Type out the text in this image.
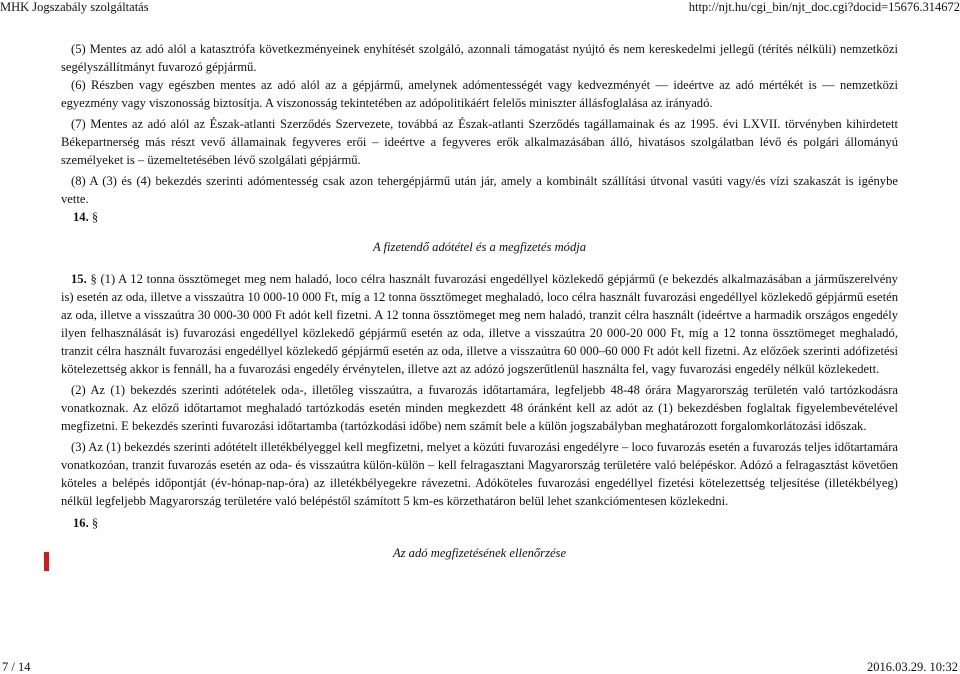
MHK Jogszabály szolgáltatás	http://njt.hu/cgi_bin/njt_doc.cgi?docid=15676.314672

(5) Mentes az adó alól a katasztrófa következményeinek enyhítését szolgáló, azonnali támogatást nyújtó és nem kereskedelmi jellegű (térítés nélküli) nemzetközi segélyszállítmányt fuvarozó gépjármű.

(6) Részben vagy egészben mentes az adó alól az a gépjármű, amelynek adómentességét vagy kedvezményét –– ideértve az adó mértékét is –– nemzetközi egyezmény vagy viszonosság biztosítja. A viszonosság tekintetében az adópolitikáért felelős miniszter állásfoglalása az irányadó.

(7) Mentes az adó alól az Észak-atlanti Szerződés Szervezete, továbbá az Észak-atlanti Szerződés tagállamainak és az 1995. évi LXVII. törvényben kihirdetett Békepartnerség más részt vevő államainak fegyveres erői – ideértve a fegyveres erők alkalmazásában álló, hivatásos szolgálatban lévő és polgári állományú személyeket is – üzemeltetésében lévő szolgálati gépjármű.

(8) A (3) és (4) bekezdés szerinti adómentesség csak azon tehergépjármű után jár, amely a kombinált szállítási útvonal vasúti vagy/és vízi szakaszát is igénybe vette.

14. §
A fizetendő adótétel és a megfizetés módja

15. § (1) A 12 tonna össztömeget meg nem haladó, loco célra használt fuvarozási engedéllyel közlekedő gépjármű (e bekezdés alkalmazásában a járműszerelvény is) esetén az oda, illetve a visszaútra 10 000-10 000 Ft, míg a 12 tonna össztömeget meghaladó, loco célra használt fuvarozási engedéllyel közlekedő gépjármű esetén az oda, illetve a visszaútra 30 000-30 000 Ft adót kell fizetni. A 12 tonna össztömeget meg nem haladó, tranzit célra használt (ideértve a harmadik országos engedély ilyen felhasználását is) fuvarozási engedéllyel közlekedő gépjármű esetén az oda, illetve a visszaútra 20 000-20 000 Ft, míg a 12 tonna össztömeget meghaladó, tranzit célra használt fuvarozási engedéllyel közlekedő gépjármű esetén az oda, illetve a visszaútra 60 000–60 000 Ft adót kell fizetni. Az előzőek szerinti adófizetési kötelezettség akkor is fennáll, ha a fuvarozási engedély érvénytelen, illetve azt az adózó jogszerűtlenül használta fel, vagy fuvarozási engedély nélkül közlekedett.

(2) Az (1) bekezdés szerinti adótételek oda-, illetőleg visszaútra, a fuvarozás időtartamára, legfeljebb 48-48 órára Magyarország területén való tartózkodásra vonatkoznak. Az előző időtartamot meghaladó tartózkodás esetén minden megkezdett 48 óránként kell az adót az (1) bekezdésben foglaltak figyelembevételével megfizetni. E bekezdés szerinti fuvarozási időtartamba (tartózkodási időbe) nem számít bele a külön jogszabályban meghatározott forgalomkorlátozási időszak.

(3) Az (1) bekezdés szerinti adótételt illetékbélyeggel kell megfizetni, melyet a közúti fuvarozási engedélyre – loco fuvarozás esetén a fuvarozás teljes időtartamára vonatkozóan, tranzit fuvarozás esetén az oda- és visszaútra külön-külön – kell felragasztani Magyarország területére való belépéskor. Adózó a felragasztást követően köteles a belépés időpontját (év-hónap-nap-óra) az illetékbélyegekre rávezetni. Adóköteles fuvarozási engedéllyel fizetési kötelezettség teljesítése (illetékbélyeg) nélkül legfeljebb Magyarország területére való belépéstől számított 5 km-es körzethatáron belül lehet szankciómentesen közlekedni.

16. §
Az adó megfizetésének ellenőrzése
7 / 14	2016.03.29. 10:32
